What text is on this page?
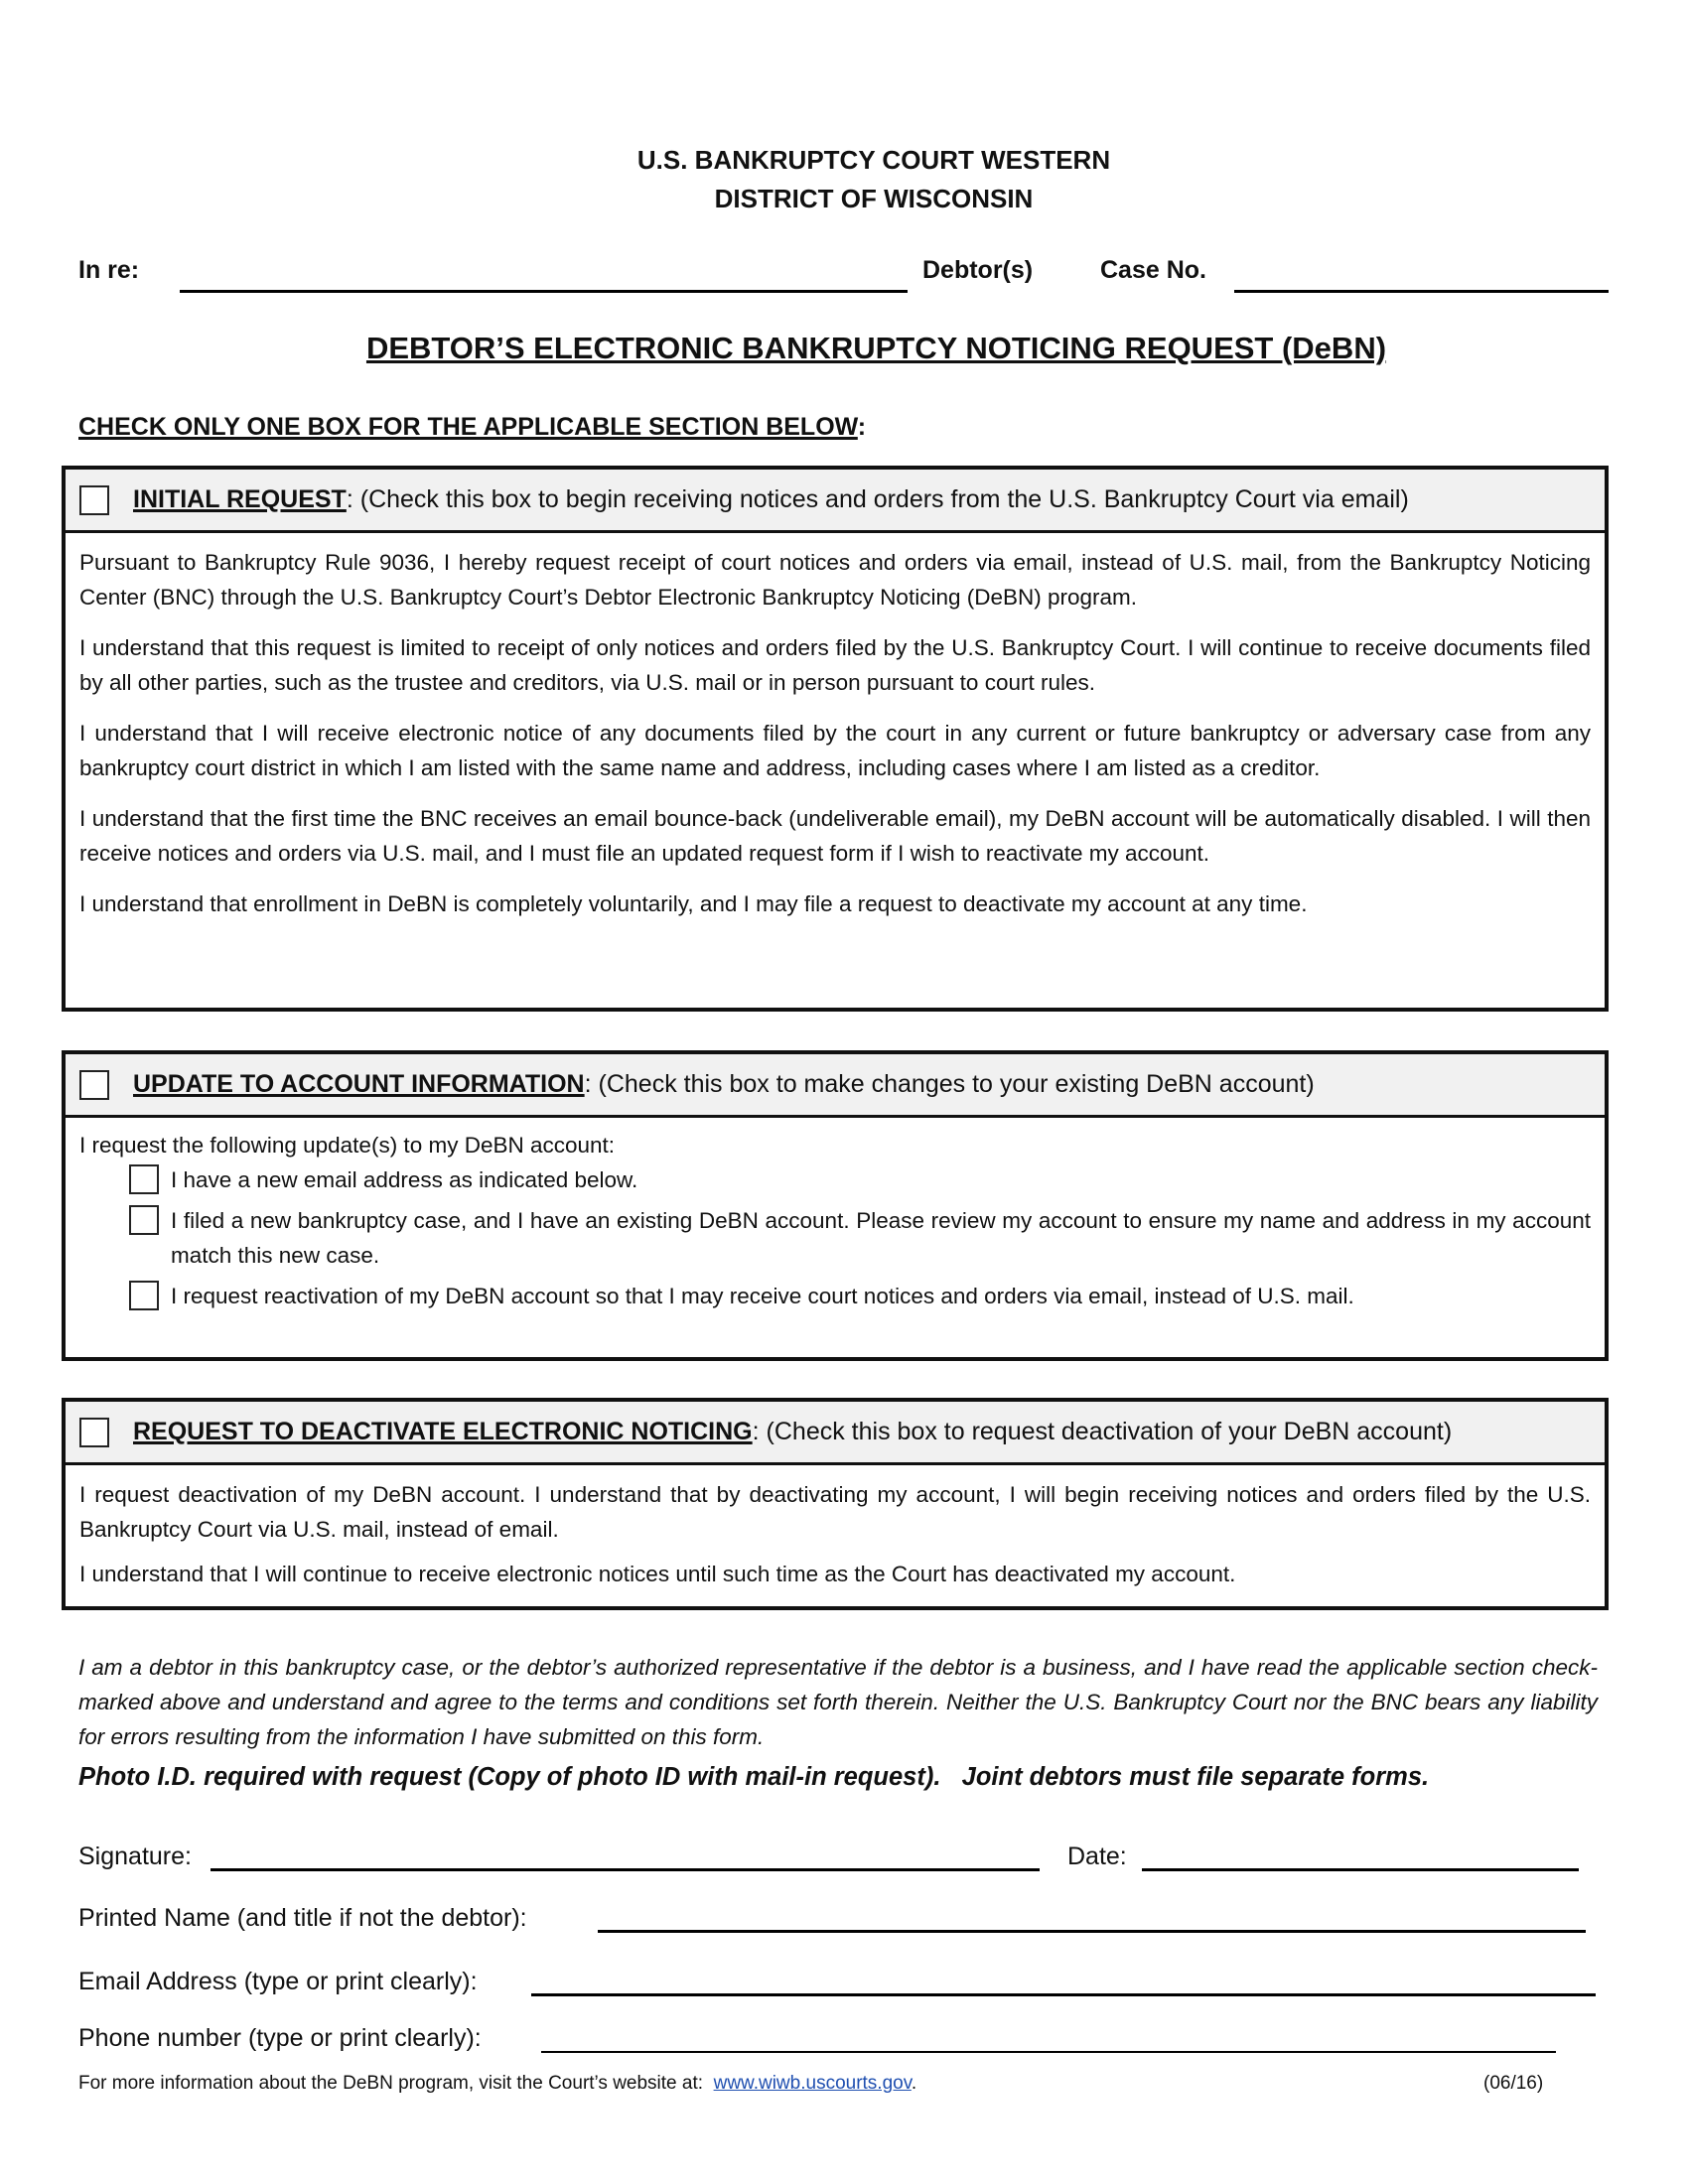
U.S. BANKRUPTCY COURT WESTERN
DISTRICT OF WISCONSIN
In re:	Debtor(s)	Case No.
DEBTOR’S ELECTRONIC BANKRUPTCY NOTICING REQUEST (DeBN)
CHECK ONLY ONE BOX FOR THE APPLICABLE SECTION BELOW:
INITIAL REQUEST : (Check this box to begin receiving notices and orders from the U.S. Bankruptcy Court via email)

Pursuant to Bankruptcy Rule 9036, I hereby request receipt of court notices and orders via email, instead of U.S. mail, from the Bankruptcy Noticing Center (BNC) through the U.S. Bankruptcy Court’s Debtor Electronic Bankruptcy Noticing (DeBN) program.

I understand that this request is limited to receipt of only notices and orders filed by the U.S. Bankruptcy Court. I will continue to receive documents filed by all other parties, such as the trustee and creditors, via U.S. mail or in person pursuant to court rules.

I understand that I will receive electronic notice of any documents filed by the court in any current or future bankruptcy or adversary case from any bankruptcy court district in which I am listed with the same name and address, including cases where I am listed as a creditor.

I understand that the first time the BNC receives an email bounce-back (undeliverable email), my DeBN account will be automatically disabled. I will then receive notices and orders via U.S. mail, and I must file an updated request form if I wish to reactivate my account.

I understand that enrollment in DeBN is completely voluntarily, and I may file a request to deactivate my account at any time.

UPDATE TO ACCOUNT INFORMATION : (Check this box to make changes to your existing DeBN account)
I request the following update(s) to my DeBN account:
I have a new email address as indicated below.
I filed a new bankruptcy case, and I have an existing DeBN account. Please review my account to ensure my name and address in my account match this new case.
I request reactivation of my DeBN account so that I may receive court notices and orders via email, instead of U.S. mail.
REQUEST TO DEACTIVATE ELECTRONIC NOTICING : (Check this box to request deactivation of your DeBN account)

I request deactivation of my DeBN account. I understand that by deactivating my account, I will begin receiving notices and orders filed by the U.S. Bankruptcy Court via U.S. mail, instead of email.

I understand that I will continue to receive electronic notices until such time as the Court has deactivated my account.

I am a debtor in this bankruptcy case, or the debtor’s authorized representative if the debtor is a business, and I have read the applicable section check-marked above and understand and agree to the terms and conditions set forth therein. Neither the U.S. Bankruptcy Court nor the BNC bears any liability for errors resulting from the information I have submitted on this form.
Photo I.D. required with request (Copy of photo ID with mail-in request).   Joint debtors must file separate forms.
Signature:	Date:
Printed Name (and title if not the debtor):
Email Address (type or print clearly):
Phone number (type or print clearly):
For more information about the DeBN program, visit the Court’s website at:  www.wiwb.uscourts.gov.	(06/16)
